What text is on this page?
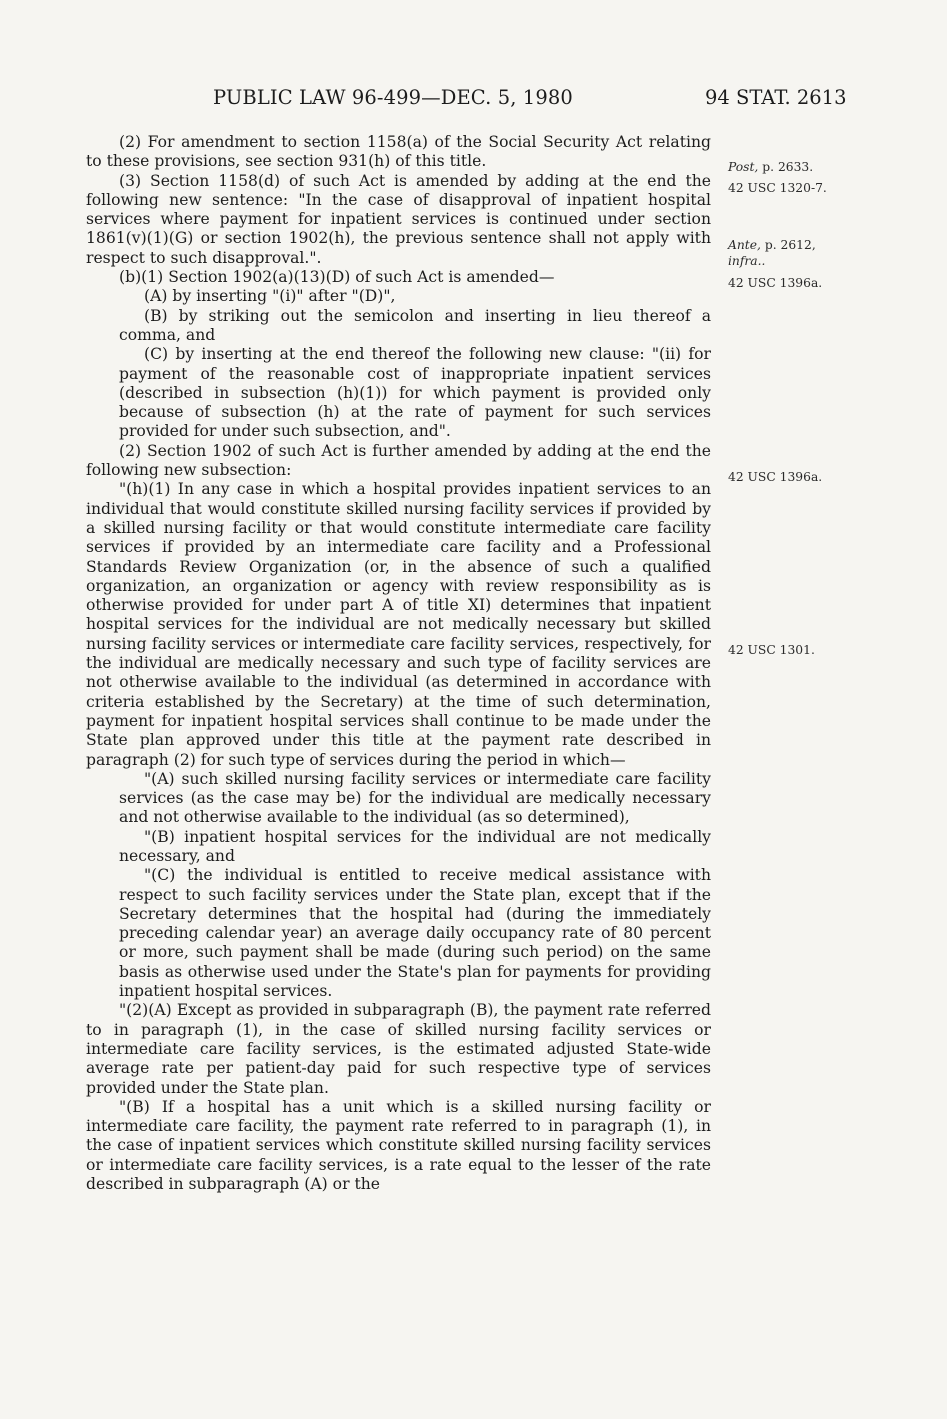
PUBLIC LAW 96-499—DEC. 5, 1980	94 STAT. 2613

(2) For amendment to section 1158(a) of the Social Security Act relating to these provisions, see section 931(h) of this title.

(3) Section 1158(d) of such Act is amended by adding at the end the following new sentence: "In the case of disapproval of inpatient hospital services where payment for inpatient services is continued under section 1861(v)(1)(G) or section 1902(h), the previous sentence shall not apply with respect to such disapproval.".

(b)(1) Section 1902(a)(13)(D) of such Act is amended—

(A) by inserting "(i)" after "(D)",

(B) by striking out the semicolon and inserting in lieu thereof a comma, and

(C) by inserting at the end thereof the following new clause: "(ii) for payment of the reasonable cost of inappropriate inpatient services (described in subsection (h)(1)) for which payment is provided only because of subsection (h) at the rate of payment for such services provided for under such subsection, and".

(2) Section 1902 of such Act is further amended by adding at the end the following new subsection:

"(h)(1) In any case in which a hospital provides inpatient services to an individual that would constitute skilled nursing facility services if provided by a skilled nursing facility or that would constitute intermediate care facility services if provided by an intermediate care facility and a Professional Standards Review Organization (or, in the absence of such a qualified organization, an organization or agency with review responsibility as is otherwise provided for under part A of title XI) determines that inpatient hospital services for the individual are not medically necessary but skilled nursing facility services or intermediate care facility services, respectively, for the individual are medically necessary and such type of facility services are not otherwise available to the individual (as determined in accordance with criteria established by the Secretary) at the time of such determination, payment for inpatient hospital services shall continue to be made under the State plan approved under this title at the payment rate described in paragraph (2) for such type of services during the period in which—

"(A) such skilled nursing facility services or intermediate care facility services (as the case may be) for the individual are medically necessary and not otherwise available to the individual (as so determined),

"(B) inpatient hospital services for the individual are not medically necessary, and

"(C) the individual is entitled to receive medical assistance with respect to such facility services under the State plan, except that if the Secretary determines that the hospital had (during the immediately preceding calendar year) an average daily occupancy rate of 80 percent or more, such payment shall be made (during such period) on the same basis as otherwise used under the State's plan for payments for providing inpatient hospital services.

"(2)(A) Except as provided in subparagraph (B), the payment rate referred to in paragraph (1), in the case of skilled nursing facility services or intermediate care facility services, is the estimated adjusted State-wide average rate per patient-day paid for such respective type of services provided under the State plan.

"(B) If a hospital has a unit which is a skilled nursing facility or intermediate care facility, the payment rate referred to in paragraph (1), in the case of inpatient services which constitute skilled nursing facility services or intermediate care facility services, is a rate equal to the lesser of the rate described in subparagraph (A) or the

Post, p. 2633.
42 USC 1320-7.
Ante, p. 2612,
infra..
42 USC 1396a.
42 USC 1396a.
42 USC 1301.
